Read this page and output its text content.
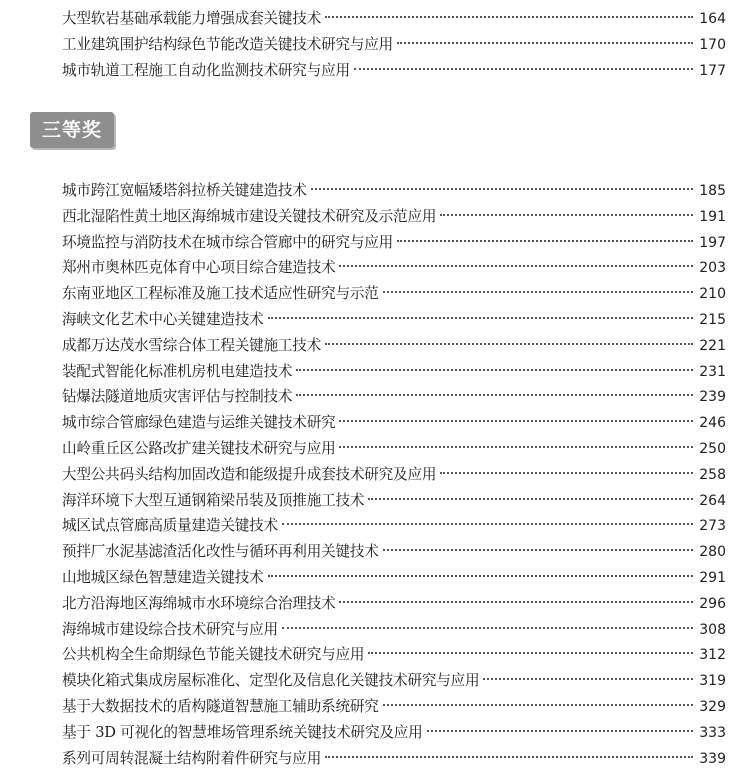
大型软岩基础承载能力增强成套关键技术	164
工业建筑围护结构绿色节能改造关键技术研究与应用	170
城市轨道工程施工自动化监测技术研究与应用	177
三等奖
城市跨江宽幅矮塔斜拉桥关键建造技术	185
西北湿陷性黄土地区海绵城市建设关键技术研究及示范应用	191
环境监控与消防技术在城市综合管廊中的研究与应用	197
郑州市奥林匹克体育中心项目综合建造技术	203
东南亚地区工程标准及施工技术适应性研究与示范	210
海峡文化艺术中心关键建造技术	215
成都万达茂水雪综合体工程关键施工技术	221
装配式智能化标准机房机电建造技术	231
钻爆法隧道地质灾害评估与控制技术	239
城市综合管廊绿色建造与运维关键技术研究	246
山岭重丘区公路改扩建关键技术研究与应用	250
大型公共码头结构加固改造和能级提升成套技术研究及应用	258
海洋环境下大型互通钢箱梁吊装及顶推施工技术	264
城区试点管廊高质量建造关键技术	273
预拌厂水泥基滤渣活化改性与循环再利用关键技术	280
山地城区绿色智慧建造关键技术	291
北方沿海地区海绵城市水环境综合治理技术	296
海绵城市建设综合技术研究与应用	308
公共机构全生命期绿色节能关键技术研究与应用	312
模块化箱式集成房屋标准化、定型化及信息化关键技术研究与应用	319
基于大数据技术的盾构隧道智慧施工辅助系统研究	329
基于 3D 可视化的智慧堆场管理系统关键技术研究及应用	333
系列可周转混凝土结构附着件研究与应用	339
